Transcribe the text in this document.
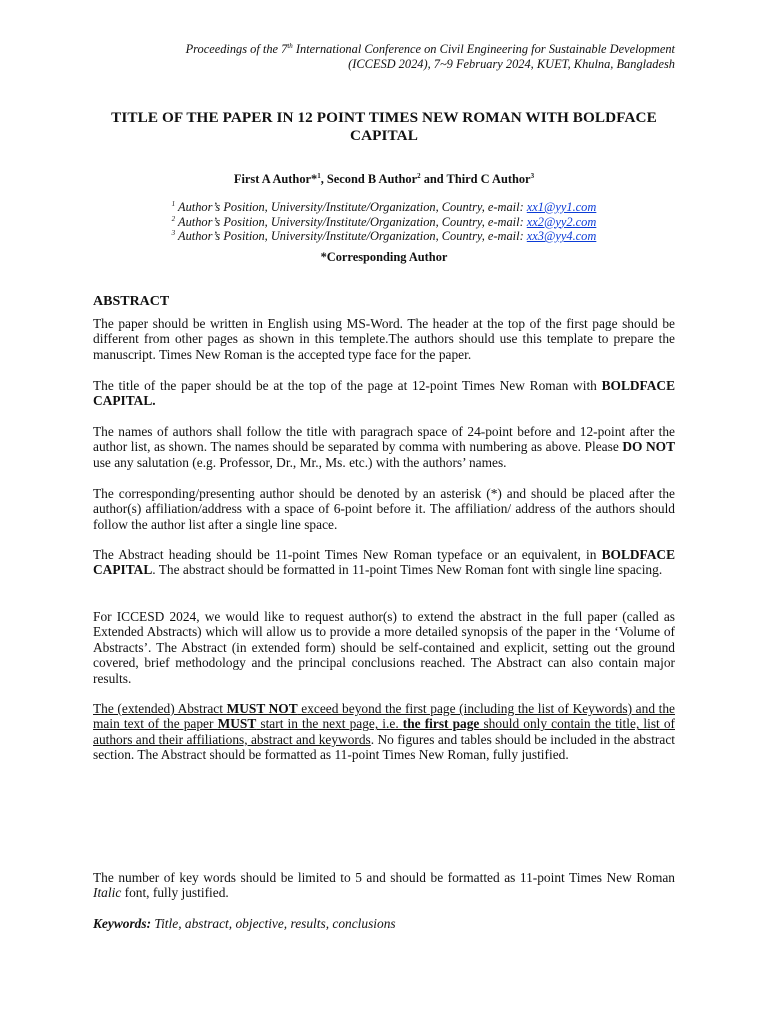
Proceedings of the 7th International Conference on Civil Engineering for Sustainable Development
(ICCESD 2024), 7~9 February 2024, KUET, Khulna, Bangladesh
TITLE OF THE PAPER IN 12 POINT TIMES NEW ROMAN WITH BOLDFACE
CAPITAL
First A Author*$^1$, Second B Author$^2$ and Third C Author$^3$
$^1$ Author’s Position, University/Institute/Organization, Country, e-mail: xx1@yy1.com
$^2$ Author’s Position, University/Institute/Organization, Country, e-mail: xx2@yy2.com
$^3$ Author’s Position, University/Institute/Organization, Country, e-mail: xx3@yy4.com
*Corresponding Author
ABSTRACT

The paper should be written in English using MS-Word. The header at the top of the first page should be different from other pages as shown in this templete.The authors should use this template to prepare the manuscript. Times New Roman is the accepted type face for the paper.

The title of the paper should be at the top of the page at 12-point Times New Roman with BOLDFACE CAPITAL.

The names of authors shall follow the title with paragrach space of 24-point before and 12-point after the author list, as shown. The names should be separated by comma with numbering as above. Please DO NOT use any salutation (e.g. Professor, Dr., Mr., Ms. etc.) with the authors’ names.

The corresponding/presenting author should be denoted by an asterisk (*) and should be placed after the author(s) affiliation/address with a space of 6-point before it. The affiliation/ address of the authors should follow the author list after a single line space.

The Abstract heading should be 11-point Times New Roman typeface or an equivalent, in BOLDFACE CAPITAL. The abstract should be formatted in 11-point Times New Roman font with single line spacing.

For ICCESD 2024, we would like to request author(s) to extend the abstract in the full paper (called as Extended Abstracts) which will allow us to provide a more detailed synopsis of the paper in the ‘Volume of Abstracts’. The Abstract (in extended form) should be self-contained and explicit, setting out the ground covered, brief methodology and the principal conclusions reached. The Abstract can also contain major results.

The (extended) Abstract MUST NOT exceed beyond the first page (including the list of Keywords) and the main text of the paper MUST start in the next page, i.e. the first page should only contain the title, list of authors and their affiliations, abstract and keywords. No figures and tables should be included in the abstract section. The Abstract should be formatted as 11-point Times New Roman, fully justified.

The number of key words should be limited to 5 and should be formatted as 11-point Times New Roman Italic font, fully justified.

Keywords: Title, abstract, objective, results, conclusions
